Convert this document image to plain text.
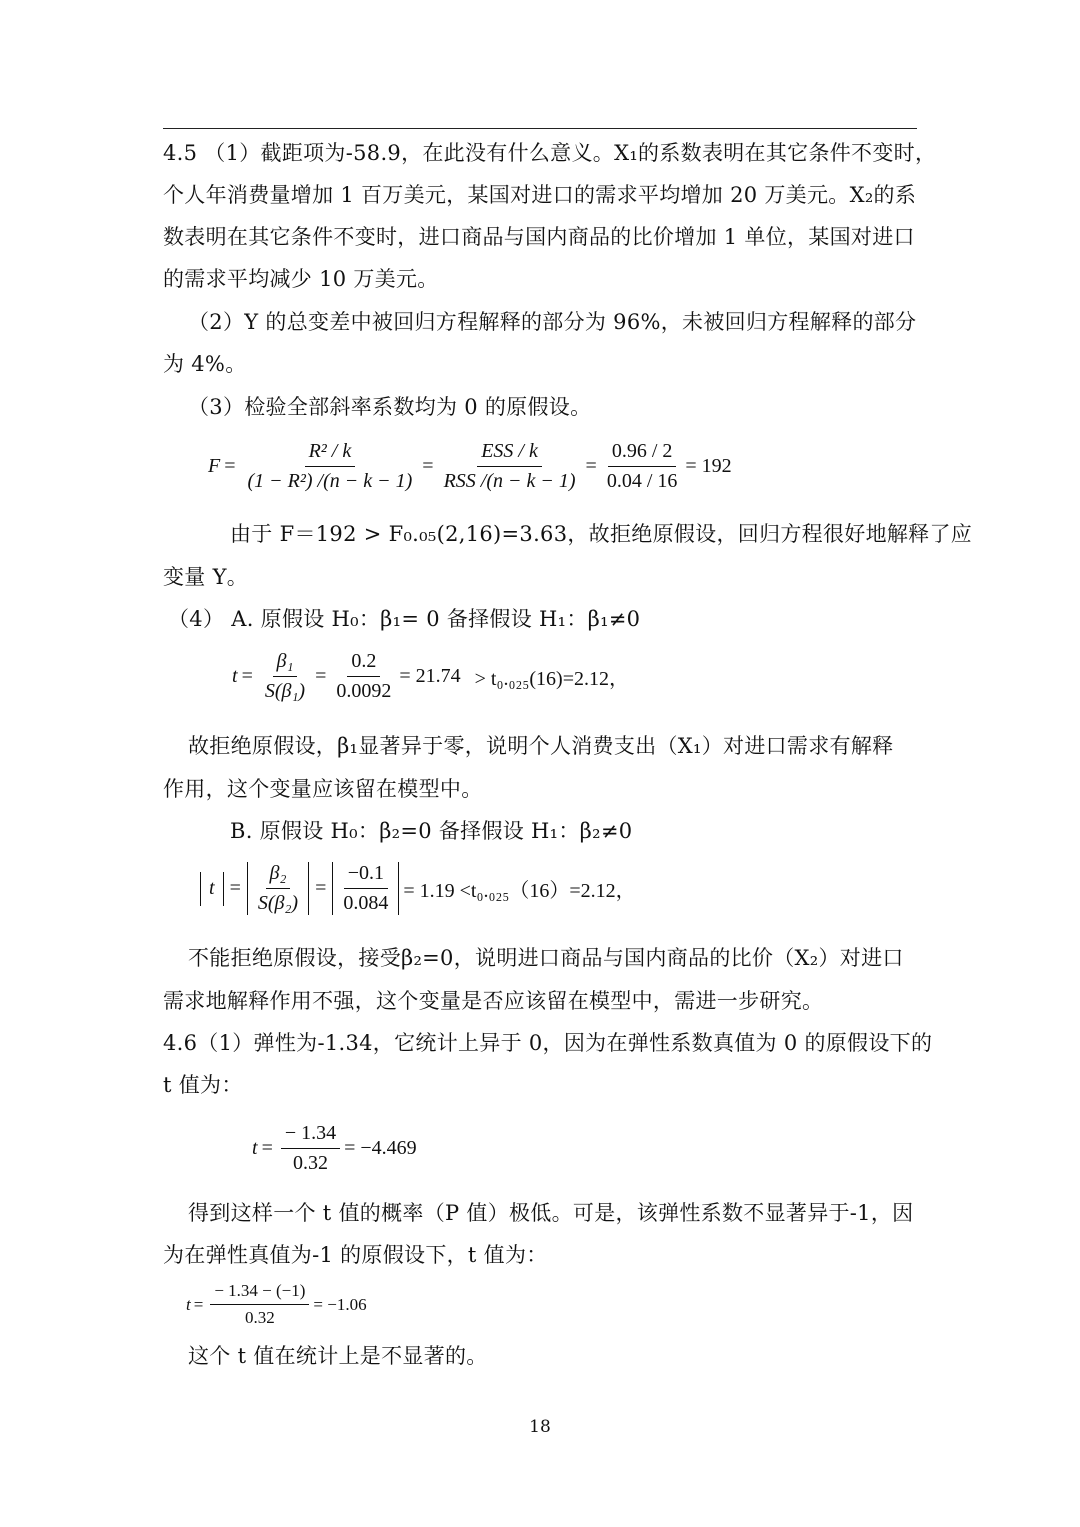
4.5 （1）截距项为-58.9，在此没有什么意义。X₁的系数表明在其它条件不变时，
个人年消费量增加 1 百万美元，某国对进口的需求平均增加 20 万美元。X₂的系
数表明在其它条件不变时，进口商品与国内商品的比价增加 1 单位，某国对进口
的需求平均减少 10 万美元。
（2）Y 的总变差中被回归方程解释的部分为 96%，未被回归方程解释的部分
为 4%。
（3）检验全部斜率系数均为 0 的原假设。
$F = \frac{\text{R² / k}}{\text{(1 − R²) /(n − k − 1)}} = \frac{\text{ESS / k}}{\text{RSS /(n − k − 1)}} = \frac{0.96 / 2}{0.04 / 16} = 192$
由于 F＝192 > F₀.₀₅(2,16)=3.63，故拒绝原假设，回归方程很好地解释了应
变量 Y。
（4） A. 原假设 H₀：β₁= 0 备择假设 H₁：β₁≠0
$t = \frac{\text{β₁}}{\text{S(β₁)}} = \frac{0.2}{0.0092} = 21.74 > t_0._{025}(16)=2.12$，
故拒绝原假设，β₁显著异于零，说明个人消费支出（X₁）对进口需求有解释
作用，这个变量应该留在模型中。
B. 原假设 H₀：β₂=0 备择假设 H₁：β₂≠0
$t = \frac{\text{β₂}}{\text{S(β₂)}} = \frac{-0.1}{0.084} = 1.19 <t_0._{025}(16)=2.12$，
不能拒绝原假设，接受β₂=0，说明进口商品与国内商品的比价（X₂）对进口
需求地解释作用不强，这个变量是否应该留在模型中，需进一步研究。
4.6（1）弹性为-1.34，它统计上异于 0，因为在弹性系数真值为 0 的原假设下的
t 值为：
$t = \frac{- 1.34}{0.32} = -4.469$
得到这样一个 t 值的概率（P 值）极低。可是，该弹性系数不显著异于-1，因
为在弹性真值为-1 的原假设下，t 值为：
$t = \frac{- 1.34 - (-1)}{0.32} = -1.06$
这个 t 值在统计上是不显著的。
18
